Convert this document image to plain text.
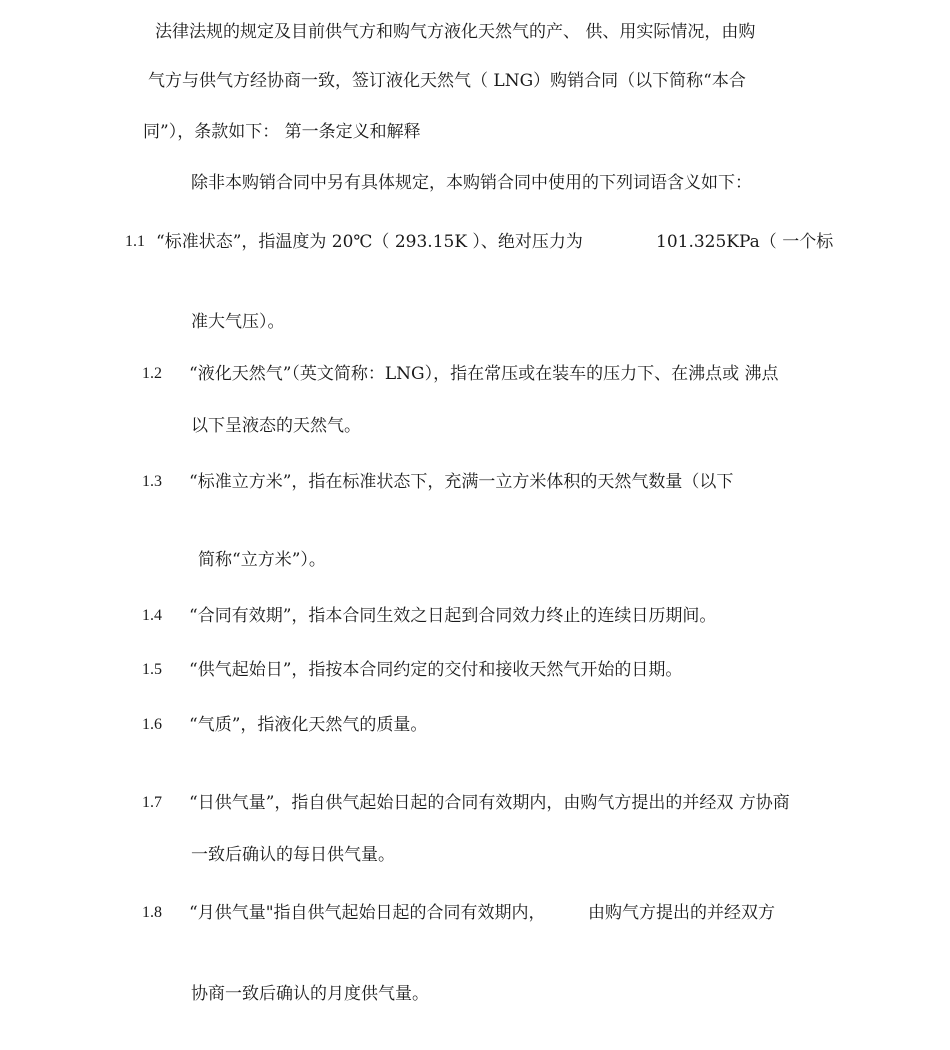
法律法规的规定及目前供气方和购气方液化天然气的产、 供、用实际情况，由购
气方与供气方经协商一致，签订液化天然气（ LNG）购销合同（以下简称“本合
同”），条款如下： 第一条定义和解释
除非本购销合同中另有具体规定，本购销合同中使用的下列词语含义如下：
1.1 “标准状态”，指温度为 20℃（ 293.15K ）、绝对压力为	101.325KPa（ 一个标
准大气压）。
1.2 “液化天然气”（英文简称：LNG），指在常压或在装车的压力下、在沸点或 沸点
以下呈液态的天然气。
1.3 “标准立方米”，指在标准状态下，充满一立方米体积的天然气数量（以下
简称“立方米”）。
1.4 “合同有效期”，指本合同生效之日起到合同效力终止的连续日历期间。
1.5 “供气起始日”，指按本合同约定的交付和接收天然气开始的日期。
1.6 “气质”，指液化天然气的质量。
1.7 “日供气量”，指自供气起始日起的合同有效期内，由购气方提出的并经双 方协商
一致后确认的每日供气量。
1.8 “月供气量"指自供气起始日起的合同有效期内， 由购气方提出的并经双方
协商一致后确认的月度供气量。
